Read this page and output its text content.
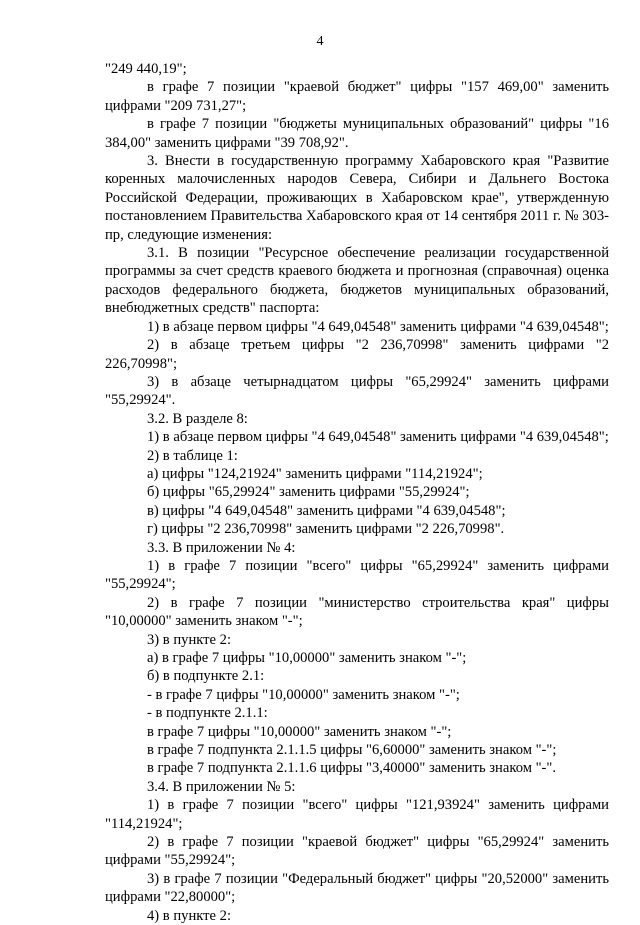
4

"249 440,19";

в графе 7 позиции "краевой бюджет" цифры "157 469,00" заменить цифрами "209 731,27";

в графе 7 позиции "бюджеты муниципальных образований" цифры "16 384,00" заменить цифрами "39 708,92".

3. Внести в государственную программу Хабаровского края "Развитие коренных малочисленных народов Севера, Сибири и Дальнего Востока Российской Федерации, проживающих в Хабаровском крае", утвержденную постановлением Правительства Хабаровского края от 14 сентября 2011 г. № 303-пр, следующие изменения:

3.1. В позиции "Ресурсное обеспечение реализации государственной программы за счет средств краевого бюджета и прогнозная (справочная) оценка расходов федерального бюджета, бюджетов муниципальных образований, внебюджетных средств" паспорта:

1) в абзаце первом цифры "4 649,04548" заменить цифрами "4 639,04548";

2) в абзаце третьем цифры "2 236,70998" заменить цифрами "2 226,70998";

3) в абзаце четырнадцатом цифры "65,29924" заменить цифрами "55,29924".

3.2. В разделе 8:

1) в абзаце первом цифры "4 649,04548" заменить цифрами "4 639,04548";

2) в таблице 1:

а) цифры "124,21924" заменить цифрами "114,21924";

б) цифры "65,29924" заменить цифрами "55,29924";

в) цифры "4 649,04548" заменить цифрами "4 639,04548";

г) цифры "2 236,70998" заменить цифрами "2 226,70998".

3.3. В приложении № 4:

1) в графе 7 позиции "всего" цифры "65,29924" заменить цифрами "55,29924";

2) в графе 7 позиции "министерство строительства края" цифры "10,00000" заменить знаком "-";

3) в пункте 2:

а) в графе 7 цифры "10,00000" заменить знаком "-";

б) в подпункте 2.1:

- в графе 7 цифры "10,00000" заменить знаком "-";

- в подпункте 2.1.1:

в графе 7 цифры "10,00000" заменить знаком "-";

в графе 7 подпункта 2.1.1.5 цифры "6,60000" заменить знаком "-";

в графе 7 подпункта 2.1.1.6 цифры "3,40000" заменить знаком "-".

3.4. В приложении № 5:

1) в графе 7 позиции "всего" цифры "121,93924" заменить цифрами "114,21924";

2) в графе 7 позиции "краевой бюджет" цифры "65,29924" заменить цифрами "55,29924";

3) в графе 7 позиции "Федеральный бюджет" цифры "20,52000" заменить цифрами "22,80000";

4) в пункте 2:
